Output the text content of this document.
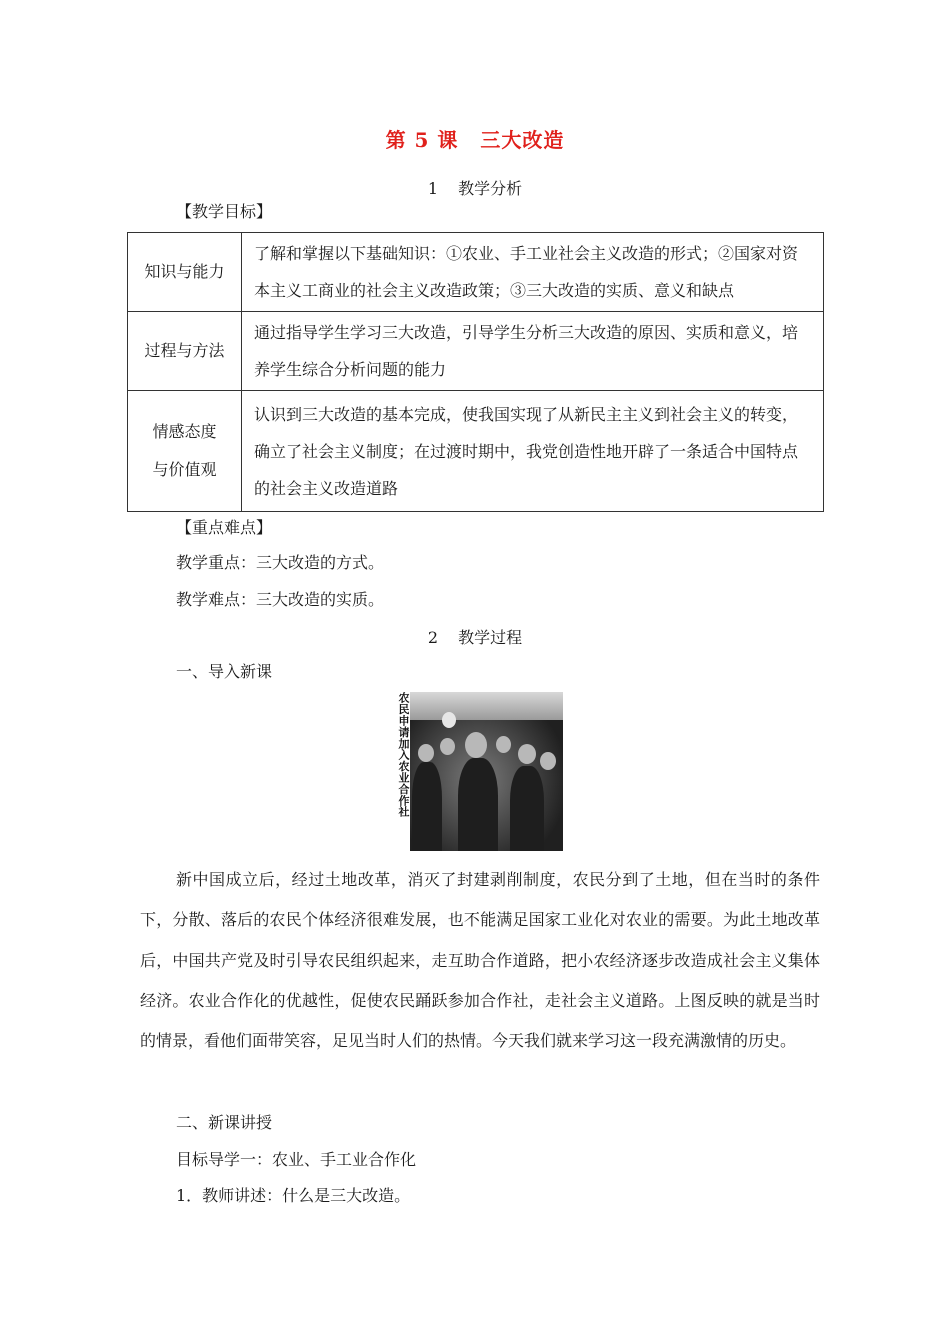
第 5 课 三大改造
1 教学分析
【教学目标】
知识与能力	了解和掌握以下基础知识：①农业、手工业社会主义改造的形式；②国家对资本主义工商业的社会主义改造政策；③三大改造的实质、意义和缺点
过程与方法	通过指导学生学习三大改造，引导学生分析三大改造的原因、实质和意义，培养学生综合分析问题的能力

情感态度
与价值观	认识到三大改造的基本完成，使我国实现了从新民主主义到社会主义的转变，确立了社会主义制度；在过渡时期中，我党创造性地开辟了一条适合中国特点的社会主义改造道路
【重点难点】
教学重点：三大改造的方式。
教学难点：三大改造的实质。
2 教学过程
一、导入新课
农民申请加入农业合作社

新中国成立后，经过土地改革，消灭了封建剥削制度，农民分到了土地，但在当时的条件下，分散、落后的农民个体经济很难发展，也不能满足国家工业化对农业的需要。为此土地改革后，中国共产党及时引导农民组织起来，走互助合作道路，把小农经济逐步改造成社会主义集体经济。农业合作化的优越性，促使农民踊跃参加合作社，走社会主义道路。上图反映的就是当时的情景，看他们面带笑容，足见当时人们的热情。今天我们就来学习这一段充满激情的历史。

二、新课讲授
目标导学一：农业、手工业合作化
1．教师讲述：什么是三大改造。
